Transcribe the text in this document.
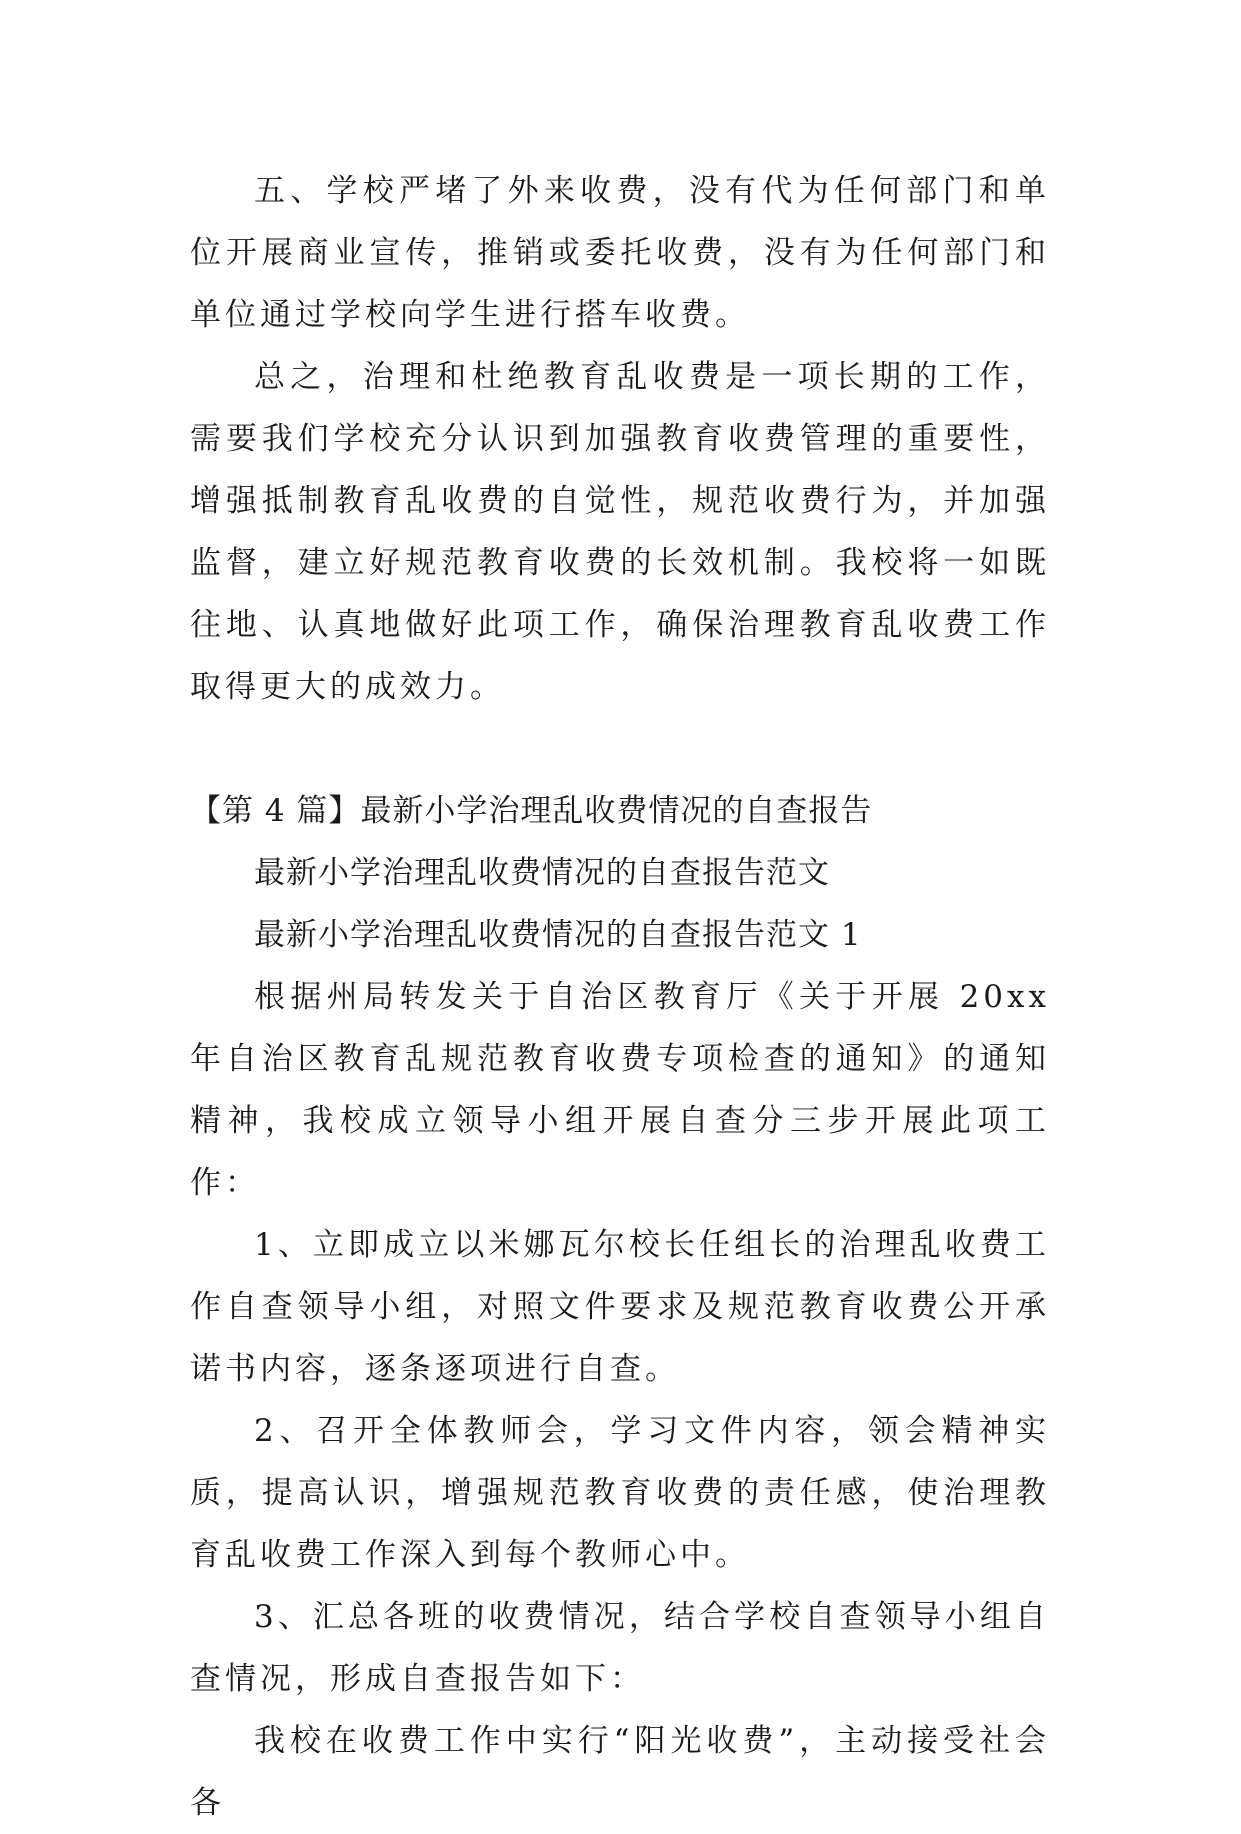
五、学校严堵了外来收费，没有代为任何部门和单位开展商业宣传，推销或委托收费，没有为任何部门和单位通过学校向学生进行搭车收费。

总之，治理和杜绝教育乱收费是一项长期的工作，需要我们学校充分认识到加强教育收费管理的重要性，增强抵制教育乱收费的自觉性，规范收费行为，并加强监督，建立好规范教育收费的长效机制。我校将一如既往地、认真地做好此项工作，确保治理教育乱收费工作取得更大的成效力。

【第 4 篇】最新小学治理乱收费情况的自查报告

最新小学治理乱收费情况的自查报告范文

最新小学治理乱收费情况的自查报告范文 1

根据州局转发关于自治区教育厅《关于开展 20xx 年自治区教育乱规范教育收费专项检查的通知》的通知精神，我校成立领导小组开展自查分三步开展此项工作：

1、立即成立以米娜瓦尔校长任组长的治理乱收费工作自查领导小组，对照文件要求及规范教育收费公开承诺书内容，逐条逐项进行自查。

2、召开全体教师会，学习文件内容，领会精神实质，提高认识，增强规范教育收费的责任感，使治理教育乱收费工作深入到每个教师心中。

3、汇总各班的收费情况，结合学校自查领导小组自查情况，形成自查报告如下：

我校在收费工作中实行“阳光收费”，主动接受社会各
